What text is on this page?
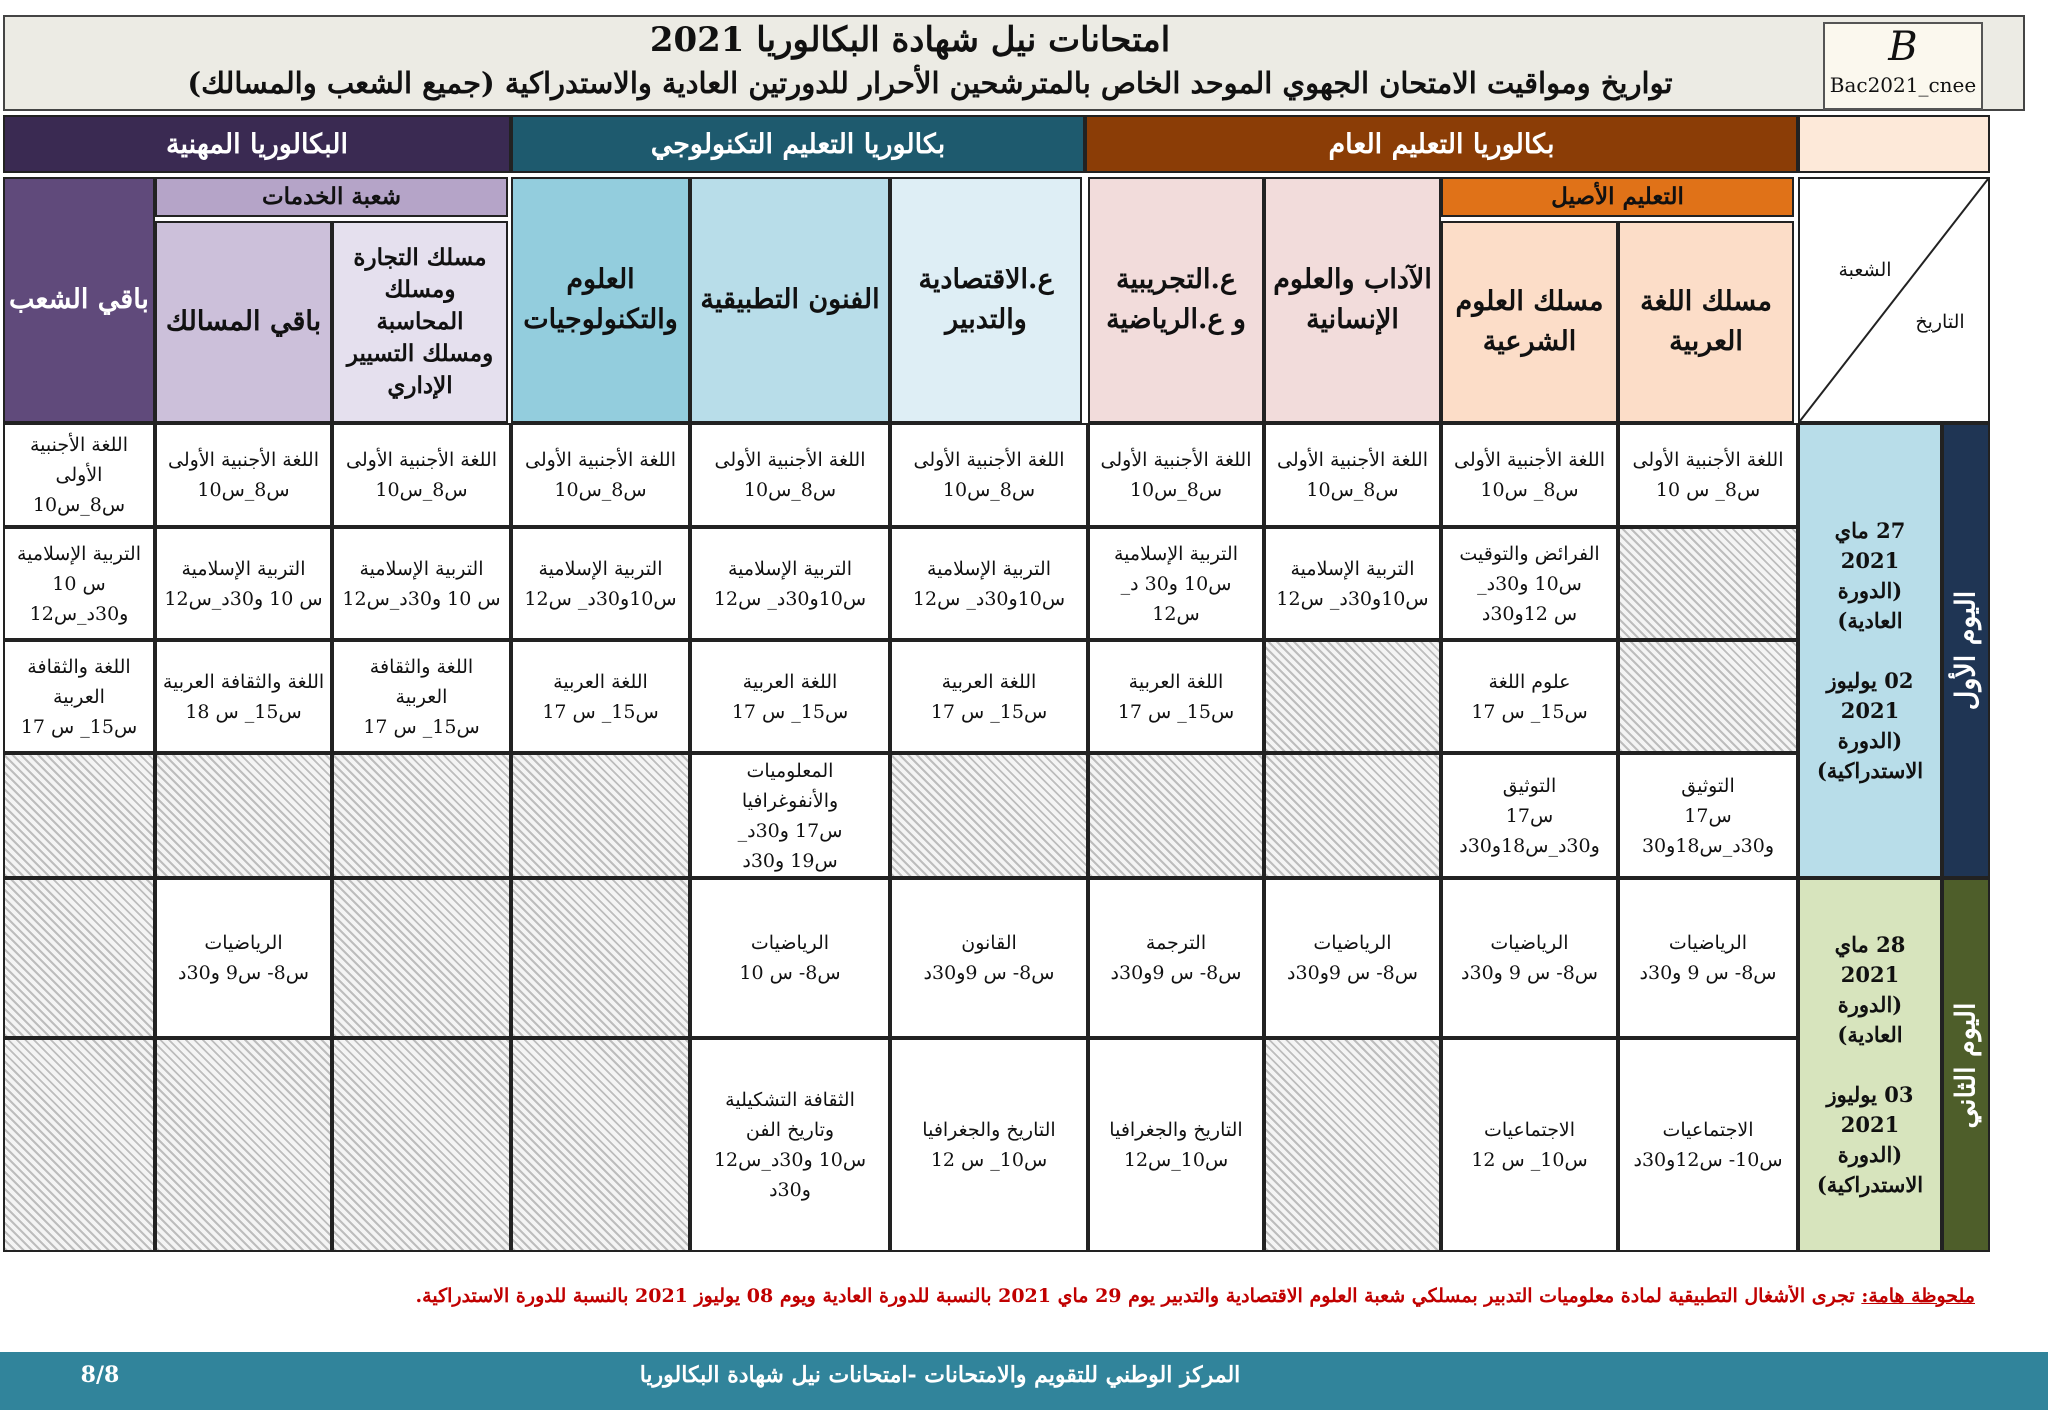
امتحانات نيل شهادة البكالوريا 2021
تواريخ ومواقيت الامتحان الجهوي الموحد الخاص بالمترشحين الأحرار للدورتين العادية والاستدراكية (جميع الشعب والمسالك)
B
Bac2021_cnee
بكالوريا التعليم العام
بكالوريا التعليم التكنولوجي
البكالوريا المهنية
الشعبة
التاريخ
التعليم الأصيل
شعبة الخدمات
مسلك اللغة
العربية
مسلك العلوم
الشرعية
الآداب والعلوم
الإنسانية
ع.التجريبية
و ع.الرياضية
ع.الاقتصادية
والتدبير
الفنون التطبيقية
العلوم
والتكنولوجيات
مسلك التجارة
ومسلك
المحاسبة
ومسلك التسيير
الإداري
باقي المسالك
باقي الشعب
اليوم الأول
اليوم الثاني
27 ماي
2021
(الدورة
العادية)

02 يوليوز
2021
(الدورة
الاستدراكية)
28 ماي
2021
(الدورة
العادية)

03 يوليوز
2021
(الدورة
الاستدراكية)
اللغة الأجنبية الأولى
س8_ س 10
اللغة الأجنبية الأولى
س8_ س10
اللغة الأجنبية الأولى
س8_س10
اللغة الأجنبية الأولى
س8_س10
اللغة الأجنبية الأولى
س8_س10
اللغة الأجنبية الأولى
س8_س10
اللغة الأجنبية الأولى
س8_س10
اللغة الأجنبية الأولى
س8_س10
اللغة الأجنبية الأولى
س8_س10
اللغة الأجنبية
الأولى
س8_س10
الفرائض والتوقيت
س10 و30د_
س 12و30د
التربية الإسلامية
س10و30د_ س12
التربية الإسلامية
س10 و30 د_ س12
التربية الإسلامية
س10و30د_ س12
التربية الإسلامية
س10و30د_ س12
التربية الإسلامية
س10و30د_ س12
التربية الإسلامية
س 10 و30د_س12
التربية الإسلامية
س 10 و30د_س12
التربية الإسلامية
س 10 و30د_س12
علوم اللغة
س15_ س 17
اللغة العربية
س15_ س 17
اللغة العربية
س15_ س 17
اللغة العربية
س15_ س 17
اللغة العربية
س15_ س 17
اللغة والثقافة
العربية
س15_ س 17
اللغة والثقافة العربية
س15_ س 18
اللغة والثقافة
العربية
س15_ س 17
التوثيق
س17
و30د_س18و30
التوثيق
س17
و30د_س18و30د
المعلوميات
والأنفوغرافيا
س17 و30د_
س19 و30د
الرياضيات
س8- س 9 و30د
الرياضيات
س8- س 9 و30د
الرياضيات
س8- س 9و30د
الترجمة
س8- س 9و30د
القانون
س8- س 9و30د
الرياضيات
س8- س 10
الرياضيات
س8- س9 و30د
الاجتماعيات
س10- س12و30د
الاجتماعيات
س10_ س 12
التاريخ والجغرافيا
س10_س12
التاريخ والجغرافيا
س10_ س 12
الثقافة التشكيلية
وتاريخ الفن
س10 و30د_س12
و30د
ملحوظة هامة: تجرى الأشغال التطبيقية لمادة معلوميات التدبير بمسلكي شعبة العلوم الاقتصادية والتدبير يوم 29 ماي 2021 بالنسبة للدورة العادية ويوم 08 يوليوز 2021 بالنسبة للدورة الاستدراكية.
المركز الوطني للتقويم والامتحانات -امتحانات نيل شهادة البكالوريا
8/8
